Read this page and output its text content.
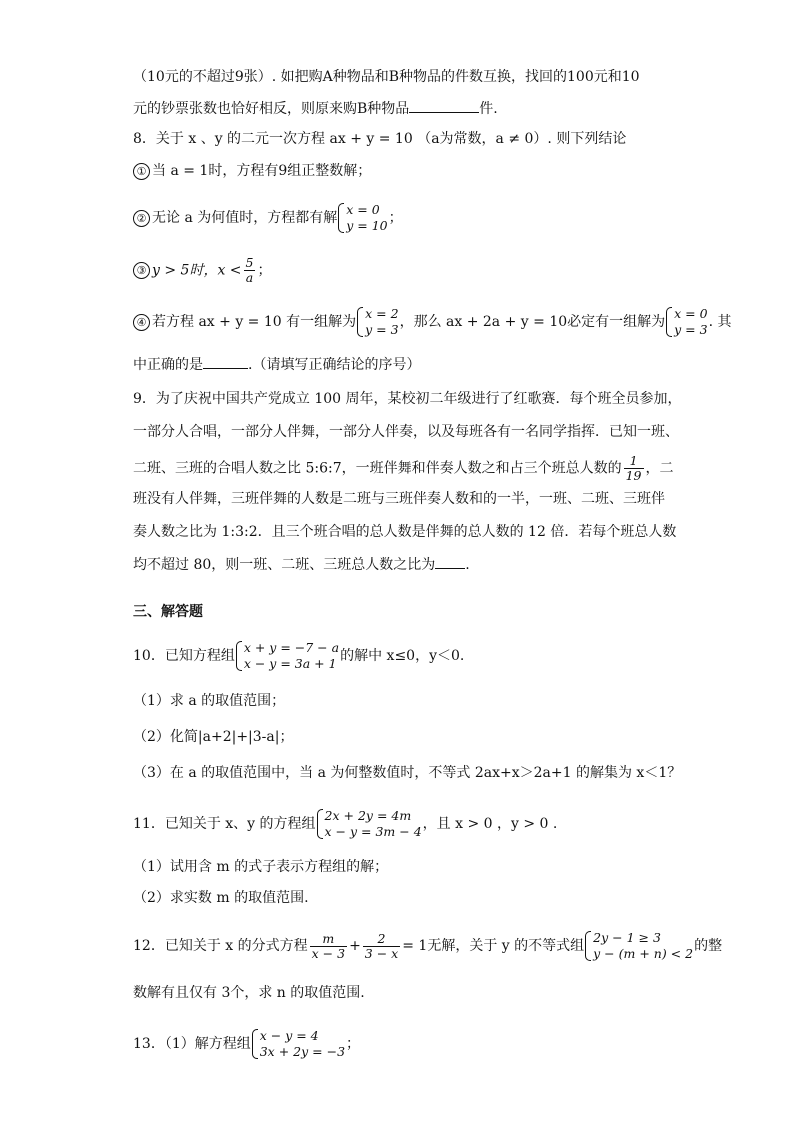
（10元的不超过9张）. 如把购A种物品和B种物品的件数互换，找回的100元和10
元的钞票张数也恰好相反，则原来购B种物品	件.
8．关于 x 、y 的二元一次方程 ax + y = 10 （a为常数，a ≠ 0）. 则下列结论
① 当 a = 1时，方程有9组正整数解；
② 无论 a 为何值时，方程都有解
x = 0
y = 10 ；
③ y > 5时，$x < \frac{5}{a}$ ；
④ 若方程 ax + y = 10 有一组解为
x = 2
y = 3 ，那么 ax + 2a + y = 10必定有一组解为
x = 0
y = 3 . 其
中正确的是	.（请填写正确结论的序号）
9．为了庆祝中国共产党成立 100 周年，某校初二年级进行了红歌赛．每个班全员参加，
一部分人合唱，一部分人伴舞，一部分人伴奏，以及每班各有一名同学指挥．已知一班、
二班、三班的合唱人数之比 5:6:7，一班伴舞和伴奏人数之和占三个班总人数的 $\frac{1}{19}$ ，二
班没有人伴舞，三班伴舞的人数是二班与三班伴奏人数和的一半，一班、二班、三班伴
奏人数之比为 1:3:2．且三个班合唱的总人数是伴舞的总人数的 12 倍．若每个班总人数
均不超过 80，则一班、二班、三班总人数之比为 .
三、解答题
10．已知方程组
x + y = −7 − a
x − y = 3a + 1 的解中 x≤0，y＜0.
（1）求 a 的取值范围；
（2）化简|a+2|+|3-a|；
（3）在 a 的取值范围中，当 a 为何整数值时，不等式 2ax+x＞2a+1 的解集为 x＜1？
11．已知关于 x、y 的方程组
2x + 2y = 4m
x − y = 3m − 4 ，且 x > 0 ，y > 0 .
（1）试用含 m 的式子表示方程组的解；
（2）求实数 m 的取值范围.
12．已知关于 x 的分式方程 $\frac{m}{x - 3} + \frac{2}{3 - x} = 1$无解，关于 y 的不等式组
2y − 1 ≥ 3
y − (m + n) < 2 的整
数解有且仅有 3个，求 n 的取值范围.
13．（1）解方程组
x − y = 4
3x + 2y = −3 ；
